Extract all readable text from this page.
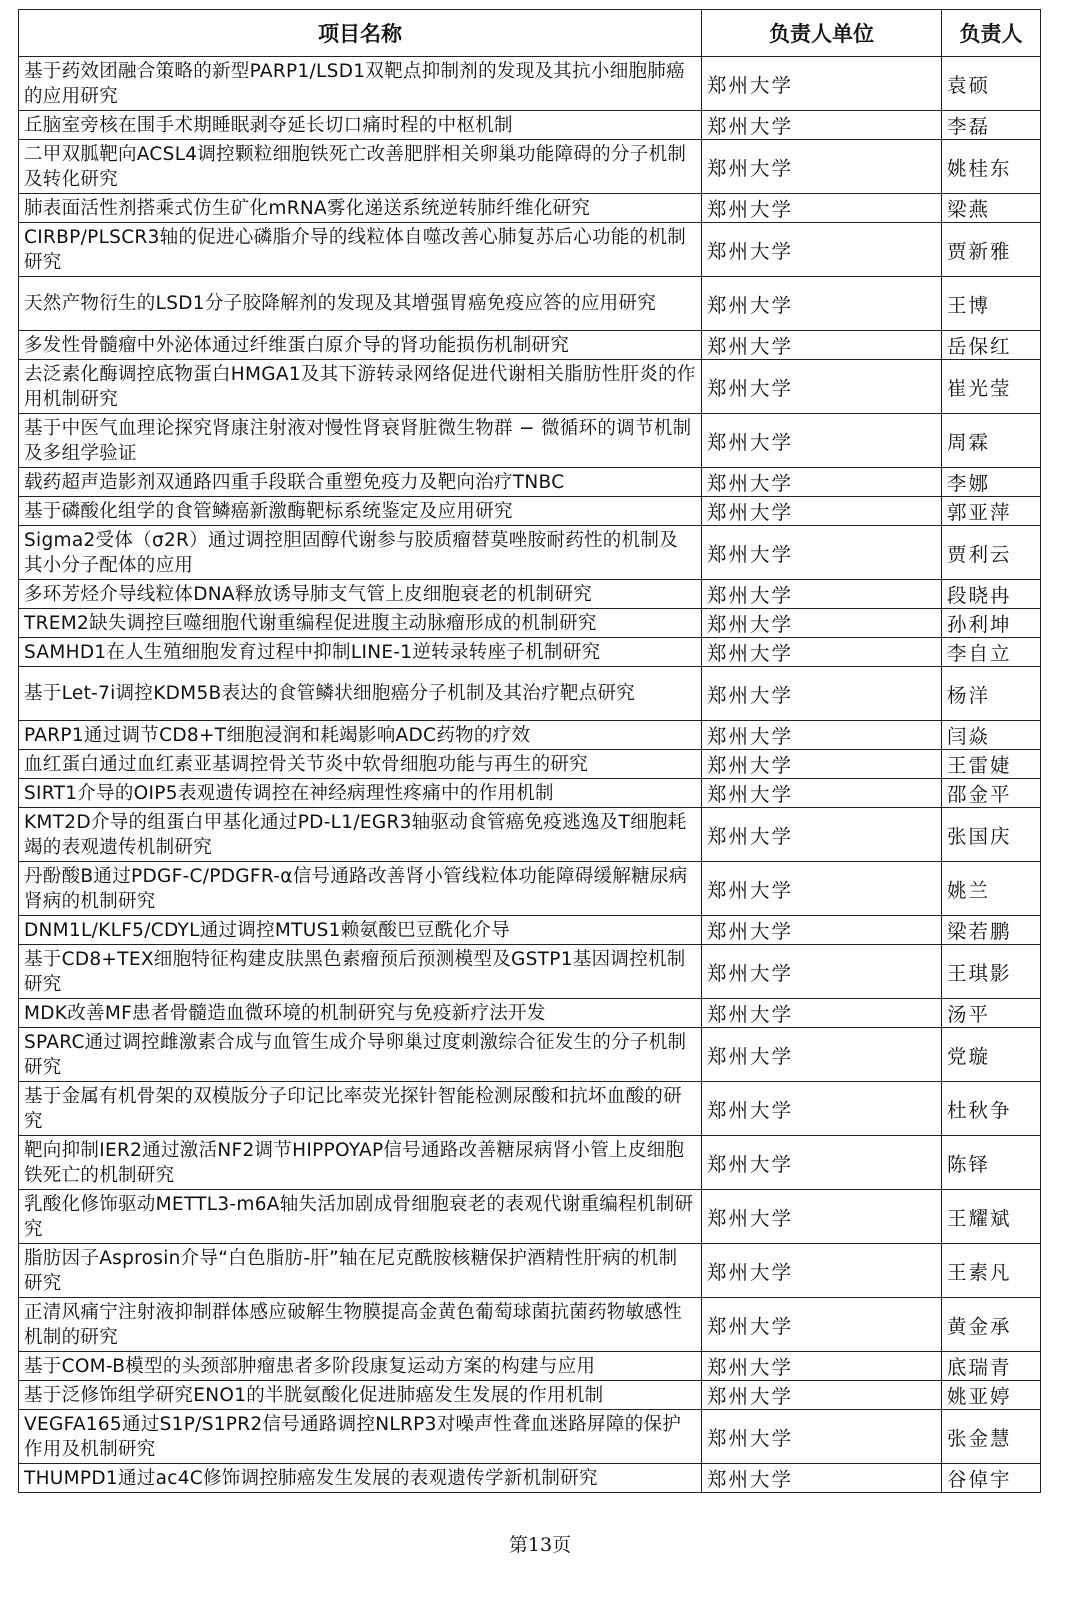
项目名称	负责人单位	负责人
基于药效团融合策略的新型PARP1/LSD1双靶点抑制剂的发现及其抗小细胞肺癌的应用研究	郑州大学	袁硕
丘脑室旁核在围手术期睡眠剥夺延长切口痛时程的中枢机制	郑州大学	李磊
二甲双胍靶向ACSL4调控颗粒细胞铁死亡改善肥胖相关卵巢功能障碍的分子机制及转化研究	郑州大学	姚桂东
肺表面活性剂搭乘式仿生矿化mRNA雾化递送系统逆转肺纤维化研究	郑州大学	梁燕
CIRBP/PLSCR3轴的促进心磷脂介导的线粒体自噬改善心肺复苏后心功能的机制研究	郑州大学	贾新雅
天然产物衍生的LSD1分子胶降解剂的发现及其增强胃癌免疫应答的应用研究	郑州大学	王博
多发性骨髓瘤中外泌体通过纤维蛋白原介导的肾功能损伤机制研究	郑州大学	岳保红
去泛素化酶调控底物蛋白HMGA1及其下游转录网络促进代谢相关脂肪性肝炎的作用机制研究	郑州大学	崔光莹
基于中医气血理论探究肾康注射液对慢性肾衰肾脏微生物群 − 微循环的调节机制及多组学验证	郑州大学	周霖
载药超声造影剂双通路四重手段联合重塑免疫力及靶向治疗TNBC	郑州大学	李娜
基于磷酸化组学的食管鳞癌新激酶靶标系统鉴定及应用研究	郑州大学	郭亚萍
Sigma2受体（σ2R）通过调控胆固醇代谢参与胶质瘤替莫唑胺耐药性的机制及其小分子配体的应用	郑州大学	贾利云
多环芳烃介导线粒体DNA释放诱导肺支气管上皮细胞衰老的机制研究	郑州大学	段晓冉
TREM2缺失调控巨噬细胞代谢重编程促进腹主动脉瘤形成的机制研究	郑州大学	孙利坤
SAMHD1在人生殖细胞发育过程中抑制LINE-1逆转录转座子机制研究	郑州大学	李自立
基于Let-7i调控KDM5B表达的食管鳞状细胞癌分子机制及其治疗靶点研究	郑州大学	杨洋
PARP1通过调节CD8+T细胞浸润和耗竭影响ADC药物的疗效	郑州大学	闫焱
血红蛋白通过血红素亚基调控骨关节炎中软骨细胞功能与再生的研究	郑州大学	王雷婕
SIRT1介导的OIP5表观遗传调控在神经病理性疼痛中的作用机制	郑州大学	邵金平
KMT2D介导的组蛋白甲基化通过PD-L1/EGR3轴驱动食管癌免疫逃逸及T细胞耗竭的表观遗传机制研究	郑州大学	张国庆
丹酚酸B通过PDGF-C/PDGFR-α信号通路改善肾小管线粒体功能障碍缓解糖尿病肾病的机制研究	郑州大学	姚兰
DNM1L/KLF5/CDYL通过调控MTUS1赖氨酸巴豆酰化介导	郑州大学	梁若鹏
基于CD8+TEX细胞特征构建皮肤黑色素瘤预后预测模型及GSTP1基因调控机制研究	郑州大学	王琪影
MDK改善MF患者骨髓造血微环境的机制研究与免疫新疗法开发	郑州大学	汤平
SPARC通过调控雌激素合成与血管生成介导卵巢过度刺激综合征发生的分子机制研究	郑州大学	党璇
基于金属有机骨架的双模版分子印记比率荧光探针智能检测尿酸和抗坏血酸的研究	郑州大学	杜秋争
靶向抑制IER2通过激活NF2调节HIPPOYAP信号通路改善糖尿病肾小管上皮细胞铁死亡的机制研究	郑州大学	陈铎
乳酸化修饰驱动METTL3-m6A轴失活加剧成骨细胞衰老的表观代谢重编程机制研究	郑州大学	王耀斌
脂肪因子Asprosin介导“白色脂肪-肝”轴在尼克酰胺核糖保护酒精性肝病的机制研究	郑州大学	王素凡
正清风痛宁注射液抑制群体感应破解生物膜提高金黄色葡萄球菌抗菌药物敏感性机制的研究	郑州大学	黄金承
基于COM-B模型的头颈部肿瘤患者多阶段康复运动方案的构建与应用	郑州大学	底瑞青
基于泛修饰组学研究ENO1的半胱氨酸化促进肺癌发生发展的作用机制	郑州大学	姚亚婷
VEGFA165通过S1P/S1PR2信号通路调控NLRP3对噪声性聋血迷路屏障的保护作用及机制研究	郑州大学	张金慧
THUMPD1通过ac4C修饰调控肺癌发生发展的表观遗传学新机制研究	郑州大学	谷倬宇
第13页
